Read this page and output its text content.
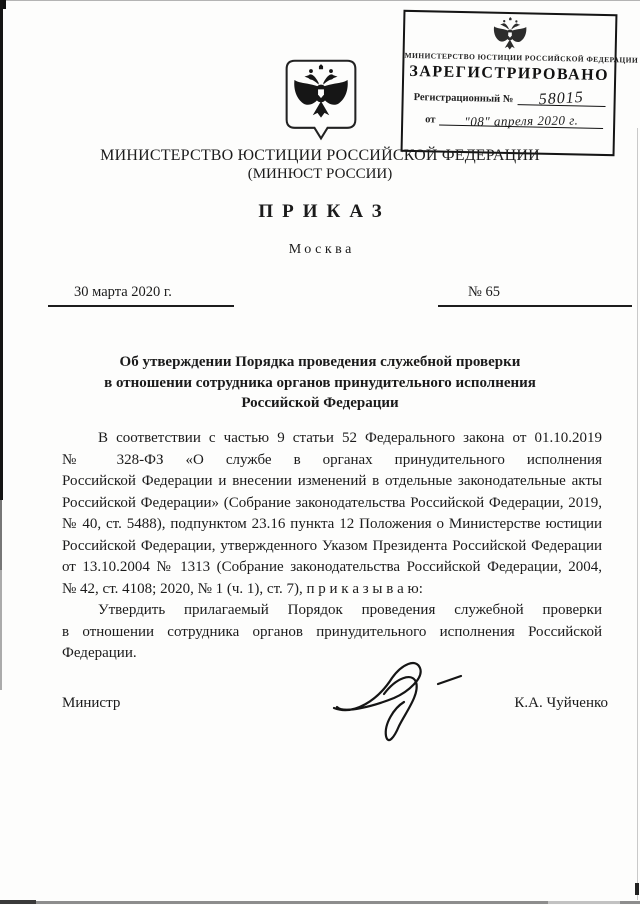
МИНИСТЕРСТВО ЮСТИЦИИ РОССИЙСКОЙ ФЕДЕРАЦИИ
ЗАРЕГИСТРИРОВАНО
Регистрационный №	58015
от	"08" апреля 2020 г.
МИНИСТЕРСТВО ЮСТИЦИИ РОССИЙСКОЙ ФЕДЕРАЦИИ
(МИНЮСТ РОССИИ)
ПРИКАЗ
Москва
30 марта 2020 г.	№ 65
Об утверждении Порядка проведения служебной проверки
в отношении сотрудника органов принудительного исполнения
Российской Федерации
В соответствии с частью 9 статьи 52 Федерального закона от 01.10.2019
№ 328-ФЗ «О службе в органах принудительного исполнения
Российской Федерации и внесении изменений в отдельные законодательные акты
Российской Федерации» (Собрание законодательства Российской Федерации, 2019,
№ 40, ст. 5488), подпунктом 23.16 пункта 12 Положения о Министерстве юстиции
Российской Федерации, утвержденного Указом Президента Российской Федерации
от 13.10.2004 № 1313 (Собрание законодательства Российской Федерации, 2004,
№ 42, ст. 4108; 2020, № 1 (ч. 1), ст. 7), п р и к а з ы в а ю:
Утвердить прилагаемый Порядок проведения служебной проверки
в отношении сотрудника органов принудительного исполнения Российской
Федерации.
Министр	К.А. Чуйченко
